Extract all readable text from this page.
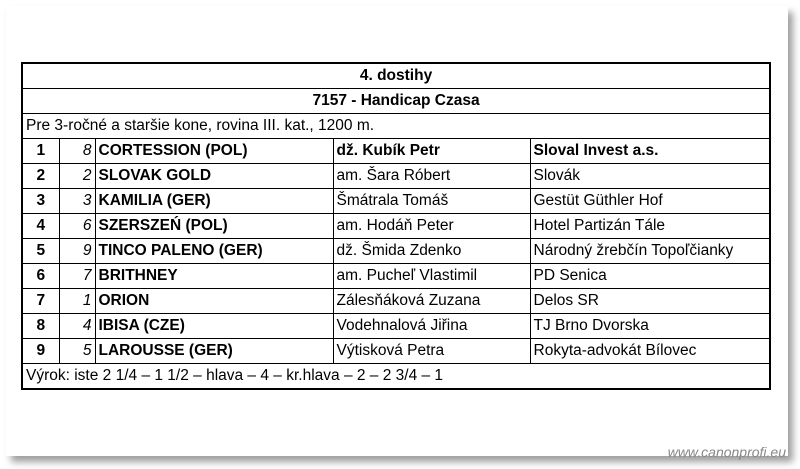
4. dostihy				
7157 - Handicap Czasa				
Pre 3-ročné a staršie kone, rovina III. kat., 1200 m.				
1	8	CORTESSION (POL)	dž. Kubík Petr	Sloval Invest a.s.
2	2	SLOVAK GOLD	am. Šara Róbert	Slovák
3	3	KAMILIA (GER)	Šmátrala Tomáš	Gestüt Güthler Hof
4	6	SZERSZEŃ (POL)	am. Hodáň Peter	Hotel Partizán Tále
5	9	TINCO PALENO (GER)	dž. Šmida Zdenko	Národný žrebčín Topoľčianky
6	7	BRITHNEY	am. Pucheľ Vlastimil	PD Senica
7	1	ORION	Zálesňáková Zuzana	Delos SR
8	4	IBISA (CZE)	Vodehnalová Jiřina	TJ Brno Dvorska
9	5	LAROUSSE (GER)	Výtisková Petra	Rokyta-advokát Bílovec
Výrok: iste 2 1/4 – 1 1/2 – hlava – 4 – kr.hlava – 2 – 2 3/4 – 1				
www.canonprofi.eu
